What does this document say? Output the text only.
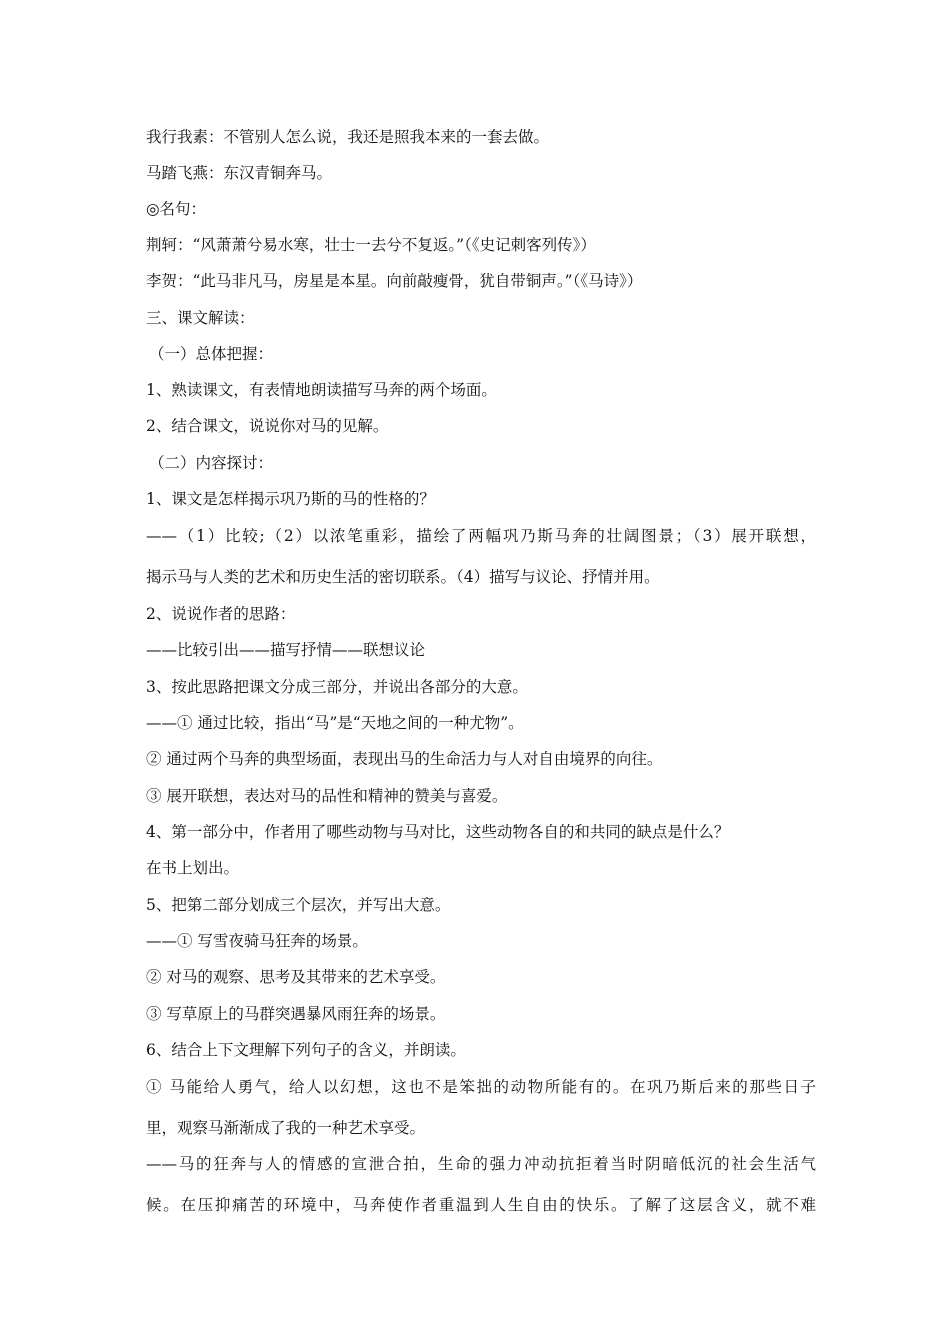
我行我素：不管别人怎么说，我还是照我本来的一套去做。
马踏飞燕：东汉青铜奔马。
◎名句：
荆轲：“风萧萧兮易水寒，壮士一去兮不复返。”（《史记刺客列传》）
李贺：“此马非凡马，房星是本星。向前敲瘦骨，犹自带铜声。”（《马诗》）
三、课文解读：
（一）总体把握：
1、熟读课文，有表情地朗读描写马奔的两个场面。
2、结合课文，说说你对马的见解。
（二）内容探讨：
1、课文是怎样揭示巩乃斯的马的性格的？
——（1）比较;（2）以浓笔重彩，描绘了两幅巩乃斯马奔的壮阔图景；（3）展开联想，
揭示马与人类的艺术和历史生活的密切联系。（4）描写与议论、抒情并用。
2、说说作者的思路：
——比较引出——描写抒情——联想议论
3、按此思路把课文分成三部分，并说出各部分的大意。
——① 通过比较，指出“马”是“天地之间的一种尤物”。
② 通过两个马奔的典型场面，表现出马的生命活力与人对自由境界的向往。
③ 展开联想，表达对马的品性和精神的赞美与喜爱。
4、第一部分中，作者用了哪些动物与马对比，这些动物各自的和共同的缺点是什么？
在书上划出。
5、把第二部分划成三个层次，并写出大意。
——① 写雪夜骑马狂奔的场景。
② 对马的观察、思考及其带来的艺术享受。
③ 写草原上的马群突遇暴风雨狂奔的场景。
6、结合上下文理解下列句子的含义，并朗读。
① 马能给人勇气，给人以幻想，这也不是笨拙的动物所能有的。在巩乃斯后来的那些日子
里，观察马渐渐成了我的一种艺术享受。
——马的狂奔与人的情感的宣泄合拍，生命的强力冲动抗拒着当时阴暗低沉的社会生活气
候。在压抑痛苦的环境中，马奔使作者重温到人生自由的快乐。了解了这层含义，就不难
